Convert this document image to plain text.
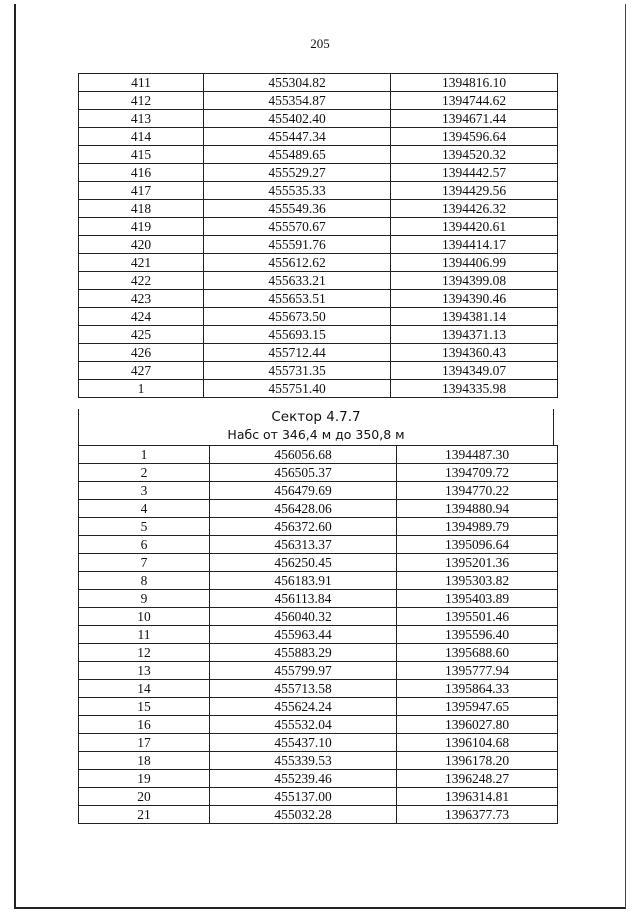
205
411	455304.82	1394816.10
412	455354.87	1394744.62
413	455402.40	1394671.44
414	455447.34	1394596.64
415	455489.65	1394520.32
416	455529.27	1394442.57
417	455535.33	1394429.56
418	455549.36	1394426.32
419	455570.67	1394420.61
420	455591.76	1394414.17
421	455612.62	1394406.99
422	455633.21	1394399.08
423	455653.51	1394390.46
424	455673.50	1394381.14
425	455693.15	1394371.13
426	455712.44	1394360.43
427	455731.35	1394349.07
1	455751.40	1394335.98
Сектор 4.7.7
Набс от 346,4 м до 350,8 м
1	456056.68	1394487.30
2	456505.37	1394709.72
3	456479.69	1394770.22
4	456428.06	1394880.94
5	456372.60	1394989.79
6	456313.37	1395096.64
7	456250.45	1395201.36
8	456183.91	1395303.82
9	456113.84	1395403.89
10	456040.32	1395501.46
11	455963.44	1395596.40
12	455883.29	1395688.60
13	455799.97	1395777.94
14	455713.58	1395864.33
15	455624.24	1395947.65
16	455532.04	1396027.80
17	455437.10	1396104.68
18	455339.53	1396178.20
19	455239.46	1396248.27
20	455137.00	1396314.81
21	455032.28	1396377.73
